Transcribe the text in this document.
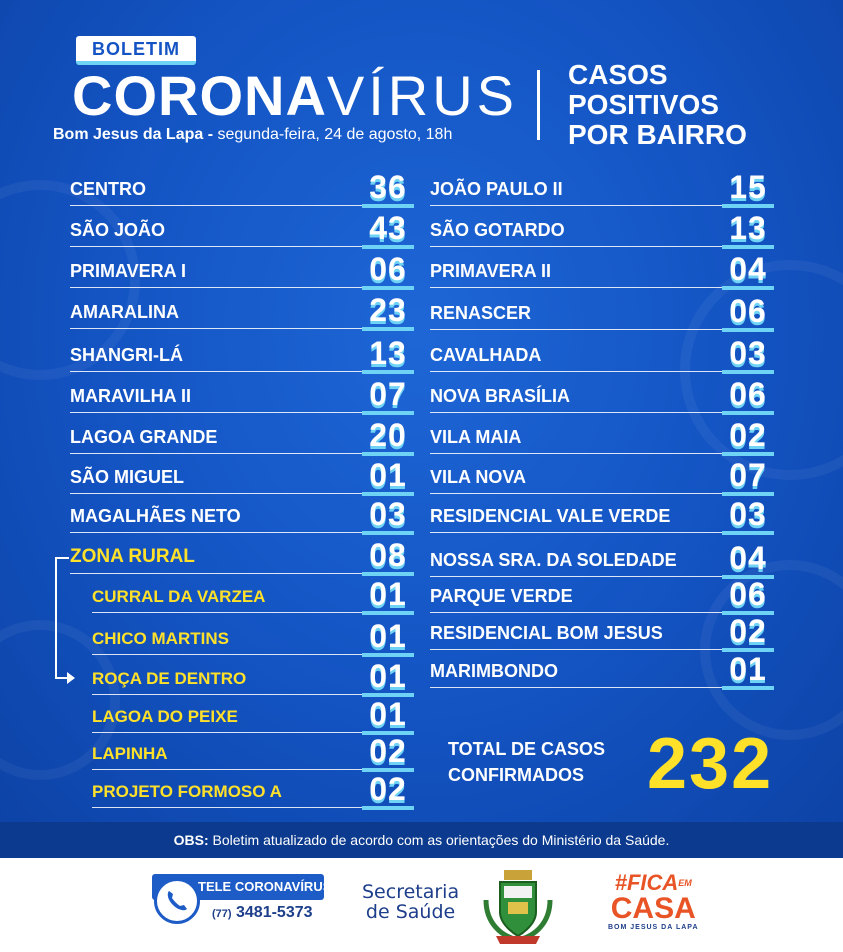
BOLETIM
CORONAVÍRUS
Bom Jesus da Lapa - segunda-feira, 24 de agosto, 18h
CASOS
POSITIVOS
POR BAIRRO
CENTRO	36
SÃO JOÃO	43
PRIMAVERA I	06
AMARALINA	23
SHANGRI-LÁ	13
MARAVILHA II	07
LAGOA GRANDE	20
SÃO MIGUEL	01
MAGALHÃES NETO	03
ZONA RURAL	08
CURRAL DA VARZEA	01
CHICO MARTINS	01
ROÇA DE DENTRO	01
LAGOA DO PEIXE	01
LAPINHA	02
PROJETO FORMOSO A	02
JOÃO PAULO II	15
SÃO GOTARDO	13
PRIMAVERA II	04
RENASCER	06
CAVALHADA	03
NOVA BRASÍLIA	06
VILA MAIA	02
VILA NOVA	07
RESIDENCIAL VALE VERDE 03
NOSSA SRA. DA SOLEDADE 04
PARQUE VERDE	06
RESIDENCIAL BOM JESUS 02
MARIMBONDO	01
TOTAL DE CASOS
CONFIRMADOS 232
OBS: Boletim atualizado de acordo com as orientações do Ministério da Saúde.
TELE CORONAVÍRUS
(77) 3481-5373
Secretaria
de Saúde
$\#FICA^{EM}$
CASA
BOM JESUS DA LAPA
